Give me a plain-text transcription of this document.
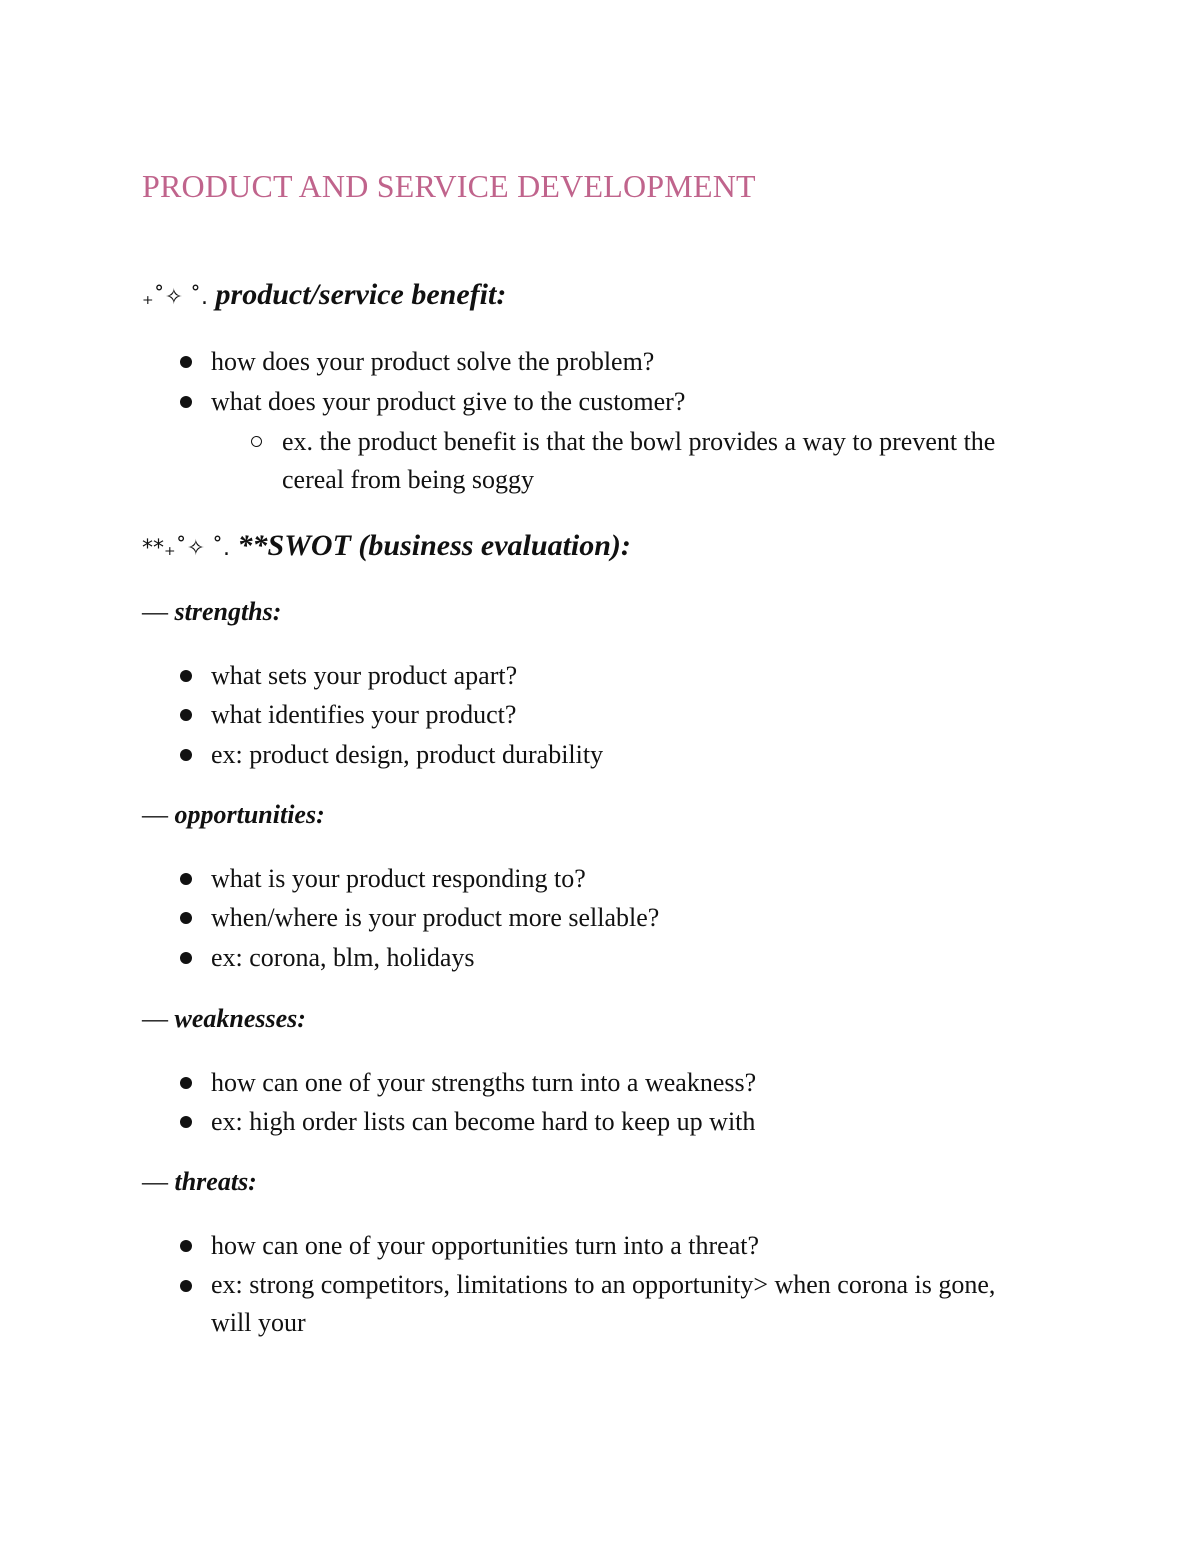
PRODUCT AND SERVICE DEVELOPMENT
₊˚✧ ˚. product/service benefit:
how does your product solve the problem?
what does your product give to the customer?
ex. the product benefit is that the bowl provides a way to prevent the cereal from being soggy
**₊˚✧ ˚. **SWOT (business evaluation):
— strengths:
what sets your product apart?
what identifies your product?
ex: product design, product durability
— opportunities:
what is your product responding to?
when/where is your product more sellable?
ex: corona, blm, holidays
— weaknesses:
how can one of your strengths turn into a weakness?
ex: high order lists can become hard to keep up with
— threats:
how can one of your opportunities turn into a threat?
ex: strong competitors, limitations to an opportunity> when corona is gone, will your
